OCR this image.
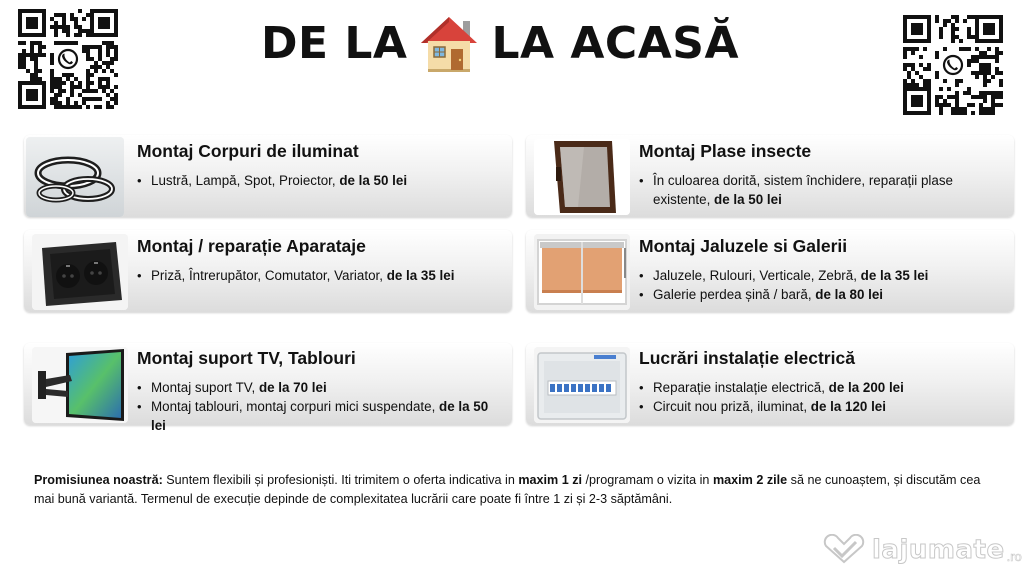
DE LA LA ACASĂ
Montaj Corpuri de iluminat
• Lustră, Lampă, Spot, Proiector, de la 50 lei
Montaj Plase insecte
• În culoarea dorită, sistem închidere, reparații plase existente, de la 50 lei
Montaj / reparație Aparataje
• Priză, Întrerupător, Comutator, Variator, de la 35 lei
Montaj Jaluzele si Galerii
• Jaluzele, Rulouri, Verticale, Zebră, de la 35 lei
• Galerie perdea șină / bară, de la 80 lei
Montaj suport TV, Tablouri
• Montaj suport TV, de la 70 lei
• Montaj tablouri, montaj corpuri mici suspendate, de la 50 lei
Lucrări instalație electrică
• Reparație instalație electrică, de la 200 lei
• Circuit nou priză, iluminat, de la 120 lei
Promisiunea noastră: Suntem flexibili și profesioniști. Iti trimitem o oferta indicativa in maxim 1 zi /programam o vizita in maxim 2 zile să ne cunoaștem, și discutăm cea mai bună variantă. Termenul de execuție depinde de complexitatea lucrării care poate fi între 1 zi și 2-3 săptămâni.
lajumate .ro
